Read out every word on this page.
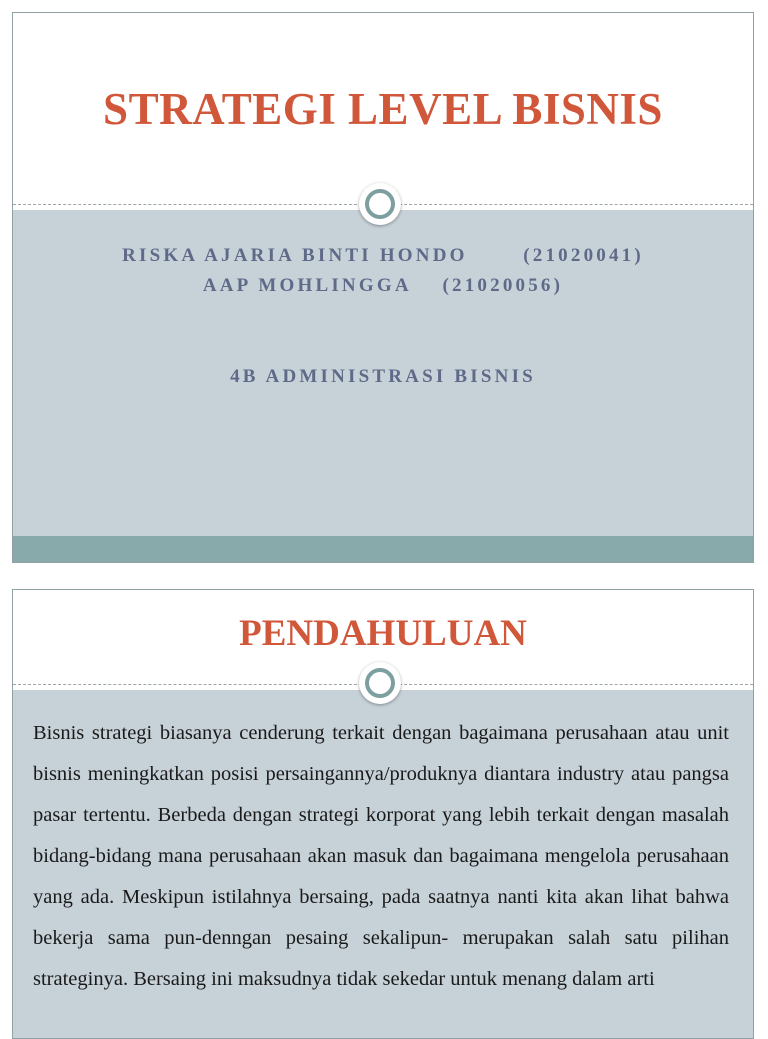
STRATEGI LEVEL BISNIS
RISKA AJARIA BINTI HONDO       (21020041)
AAP MOHLINGGA    (21020056)
4B ADMINISTRASI BISNIS
PENDAHULUAN

Bisnis strategi biasanya cenderung terkait dengan bagaimana perusahaan atau unit bisnis meningkatkan posisi persaingannya/produknya diantara industry atau pangsa pasar tertentu. Berbeda dengan strategi korporat yang lebih terkait dengan masalah bidang-bidang mana perusahaan akan masuk dan bagaimana mengelola perusahaan yang ada. Meskipun istilahnya bersaing, pada saatnya nanti kita akan lihat bahwa bekerja sama pun-denngan pesaing sekalipun- merupakan salah satu pilihan strateginya. Bersaing ini maksudnya tidak sekedar untuk menang dalam arti
